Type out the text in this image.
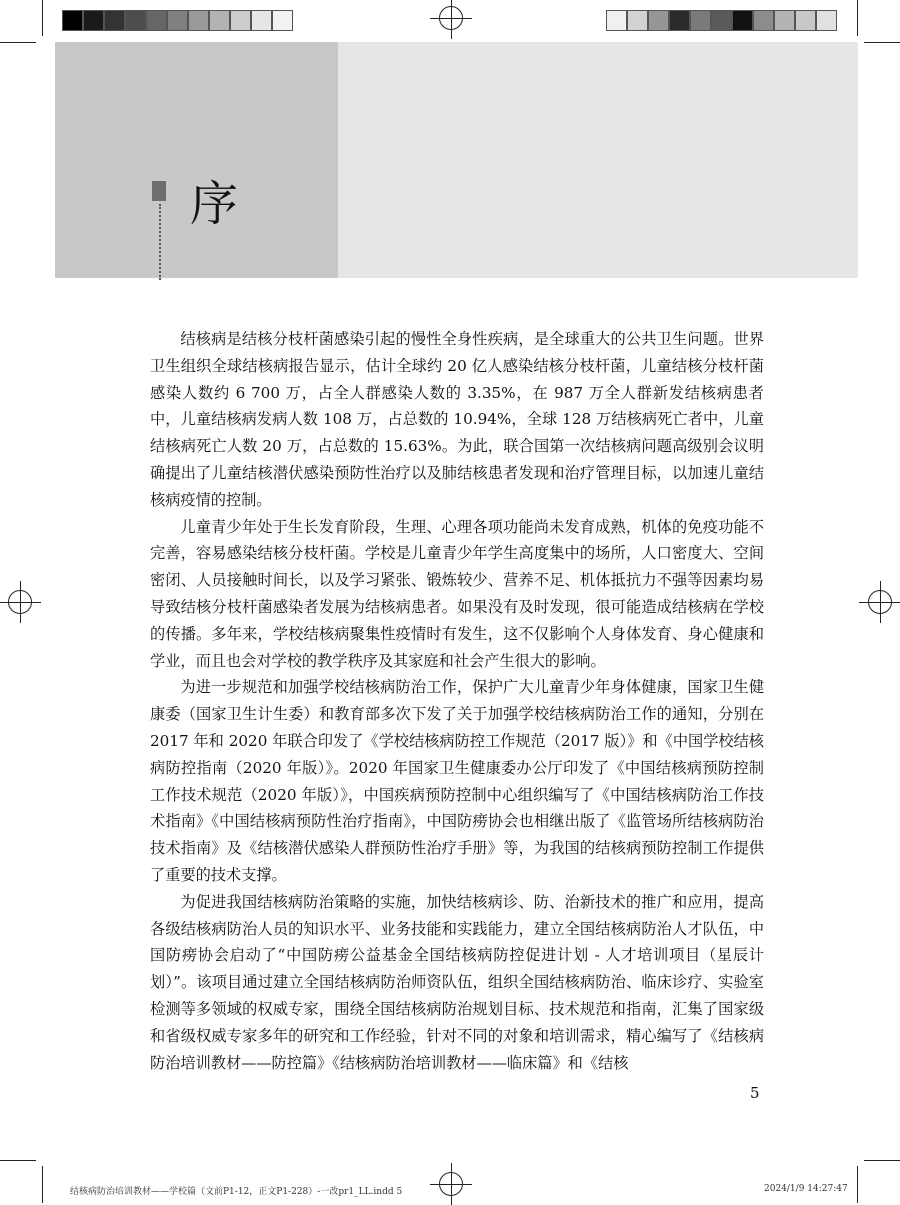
序

结核病是结核分枝杆菌感染引起的慢性全身性疾病，是全球重大的公共卫生问题。世界卫生组织全球结核病报告显示，估计全球约 20 亿人感染结核分枝杆菌，儿童结核分枝杆菌感染人数约 6 700 万，占全人群感染人数的 3.35%，在 987 万全人群新发结核病患者中，儿童结核病发病人数 108 万，占总数的 10.94%，全球 128 万结核病死亡者中，儿童结核病死亡人数 20 万，占总数的 15.63%。为此，联合国第一次结核病问题高级别会议明确提出了儿童结核潜伏感染预防性治疗以及肺结核患者发现和治疗管理目标，以加速儿童结核病疫情的控制。

儿童青少年处于生长发育阶段，生理、心理各项功能尚未发育成熟，机体的免疫功能不完善，容易感染结核分枝杆菌。学校是儿童青少年学生高度集中的场所，人口密度大、空间密闭、人员接触时间长，以及学习紧张、锻炼较少、营养不足、机体抵抗力不强等因素均易导致结核分枝杆菌感染者发展为结核病患者。如果没有及时发现，很可能造成结核病在学校的传播。多年来，学校结核病聚集性疫情时有发生，这不仅影响个人身体发育、身心健康和学业，而且也会对学校的教学秩序及其家庭和社会产生很大的影响。

为进一步规范和加强学校结核病防治工作，保护广大儿童青少年身体健康，国家卫生健康委（国家卫生计生委）和教育部多次下发了关于加强学校结核病防治工作的通知，分别在 2017 年和 2020 年联合印发了《学校结核病防控工作规范（2017 版）》和《中国学校结核病防控指南（2020 年版）》。2020 年国家卫生健康委办公厅印发了《中国结核病预防控制工作技术规范（2020 年版）》，中国疾病预防控制中心组织编写了《中国结核病防治工作技术指南》《中国结核病预防性治疗指南》，中国防痨协会也相继出版了《监管场所结核病防治技术指南》及《结核潜伏感染人群预防性治疗手册》等，为我国的结核病预防控制工作提供了重要的技术支撑。

为促进我国结核病防治策略的实施，加快结核病诊、防、治新技术的推广和应用，提高各级结核病防治人员的知识水平、业务技能和实践能力，建立全国结核病防治人才队伍，中国防痨协会启动了“中国防痨公益基金全国结核病防控促进计划 - 人才培训项目（星辰计划）”。该项目通过建立全国结核病防治师资队伍，组织全国结核病防治、临床诊疗、实验室检测等多领域的权威专家，围绕全国结核病防治规划目标、技术规范和指南，汇集了国家级和省级权威专家多年的研究和工作经验，针对不同的对象和培训需求，精心编写了《结核病防治培训教材——防控篇》《结核病防治培训教材——临床篇》和《结核

5
结核病防治培训教材——学校篇（文前P1-12，正文P1-228）-一改pr1_LL.indd 5	2024/1/9 14:27:47
